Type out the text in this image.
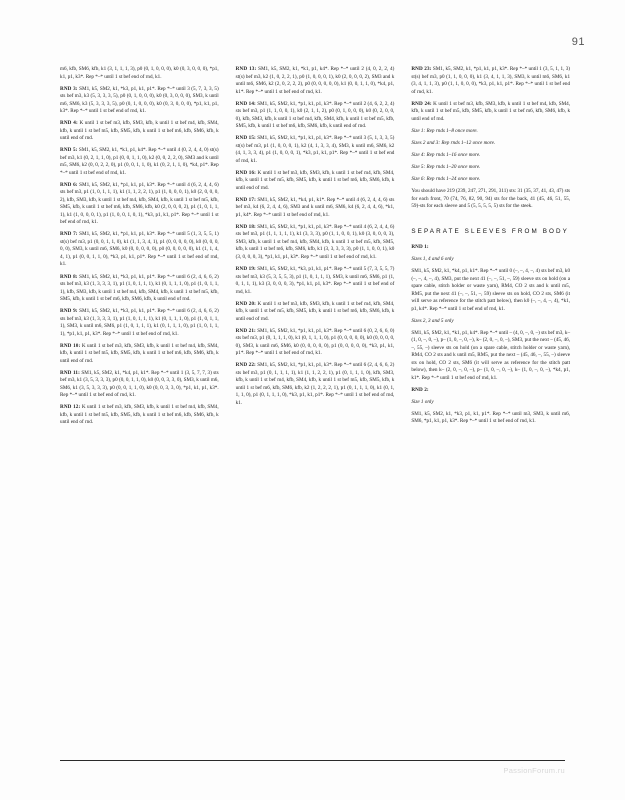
91

m6, kfb, SM6, kfb, k1 (3, 1, 1, 1, 3), p0 (0, 1, 0, 0, 0), k0 (0, 3, 0, 0, 0), *p1, k1, p1, k3*. Rep *–* until 1 st bef end of rnd, k1.

RND 3: SM1, k5, SM2, k1, *k3, p1, k1, p1*. Rep *–* until 3 (5, 7, 3, 3, 5) sts bef m3, k3 (5, 3, 3, 3, 5), p0 (0, 1, 0, 0, 0), k0 (0, 3, 0, 0, 0), SM3, k until m6, SM6, k3 (5, 3, 3, 3, 5), p0 (0, 1, 0, 0, 0), k0 (0, 3, 0, 0, 0), *p1, k1, p1, k3*. Rep *–* until 1 st bef end of rnd, k1.

RND 4: K until 1 st bef m3, kfb, SM3, kfb, k until 1 st bef m4, kfb, SM4, kfb, k until 1 st bef m5, kfb, SM5, kfb, k until 1 st bef m6, kfb, SM6, kfb, k until end of rnd.

RND 5: SM1, k5, SM2, k1, *k1, p1, k4*. Rep *–* until 4 (0, 2, 4, 4, 0) st(s) bef m3, k1 (0, 2, 1, 1, 0), p1 (0, 0, 1, 1, 0), k2 (0, 0, 2, 2, 0), SM3 and k until m5, SM6, k2 (0, 0, 2, 2, 0), p1 (0, 0, 1, 1, 0), k1 (0, 2, 1, 1, 0), *k4, p1*. Rep *–* until 1 st bef end of rnd, k1.

RND 6: SM1, k5, SM2, k1, *p1, k1, p1, k3*. Rep *–* until 4 (6, 2, 4, 4, 6) sts bef m3, p1 (1, 0, 1, 1, 1), k1 (1, 1, 2, 2, 1), p1 (1, 0, 0, 0, 1), k0 (2, 0, 0, 0, 2), kfb, SM3, kfb, k until 1 st bef m4, kfb, SM4, kfb, k until 1 st bef m5, kfb, SM5, kfb, k until 1 st bef m6, kfb, SM6, kfb, k0 (2, 0, 0, 0, 2), p1 (1, 0, 1, 1, 1), k1 (1, 0, 0, 0, 1), p1 (1, 0, 0, 1, 0, 1), *k3, p1, k1, p1*. Rep *–* until 1 st bef end of rnd, k1.

RND 7: SM1, k5, SM2, k1, *p1, k1, p1, k3*. Rep *–* until 5 (1, 3, 5, 5, 1) st(s) bef m3, p1 (0, 0, 1, 1, 0), k1 (1, 1, 3, 4, 1), p1 (0, 0, 0, 0, 0), k0 (0, 0, 0, 0, 0), SM3, k until m6, SM6, k0 (0, 0, 0, 0, 0), p0 (0, 0, 0, 0, 0), k1 (1, 1, 4, 4, 1), p1 (0, 0, 1, 1, 0), *k3, p1, k1, p1*. Rep *–* until 1 st bef end of rnd, k1.

RND 8: SM1, k5, SM2, k1, *k3, p1, k1, p1*. Rep *–* until 6 (2, 4, 6, 6, 2) sts bef m3, k3 (1, 3, 3, 3, 1), p1 (1, 0, 1, 1, 1), k1 (0, 1, 1, 1, 0), p1 (1, 0, 1, 1, 1), kfb, SM3, kfb, k until 1 st bef m4, kfb, SM4, kfb, k until 1 st bef m5, kfb, SM5, kfb, k until 1 st bef m6, kfb, SM6, kfb, k until end of rnd.

RND 9: SM1, k5, SM2, k1, *k3, p1, k1, p1*. Rep *–* until 6 (2, 4, 6, 6, 2) sts bef m3, k3 (1, 3, 3, 3, 1), p1 (1, 0, 1, 1, 1), k1 (0, 1, 1, 1, 0), p1 (1, 0, 1, 1, 1), SM3, k until m6, SM6, p1 (1, 0, 1, 1, 1), k1 (0, 1, 1, 1, 0), p1 (1, 0, 1, 1, 1), *p1, k1, p1, k3*. Rep *–* until 1 st bef end of rnd, k1.

RND 10: K until 1 st bef m3, kfb, SM3, kfb, k until 1 st bef m4, kfb, SM4, kfb, k until 1 st bef m5, kfb, SM5, kfb, k until 1 st bef m6, kfb, SM6, kfb, k until end of rnd.

RND 11: SM1, k5, SM2, k1, *k4, p1, k1*. Rep *–* until 1 (3, 5, 7, 7, 3) sts bef m3, k1 (3, 5, 3, 3, 3), p0 (0, 0, 1, 1, 0), k0 (0, 0, 3, 3, 0), SM3, k until m6, SM6, k1 (3, 5, 3, 3, 3), p0 (0, 0, 1, 1, 0), k0 (0, 0, 3, 3, 0), *p1, k1, p1, k3*. Rep *–* until 1 st bef end of rnd, k1.

RND 12: K until 1 st bef m3, kfb, SM3, kfb, k until 1 st bef m4, kfb, SM4, kfb, k until 1 st bef m5, kfb, SM5, kfb, k until 1 st bef m6, kfb, SM6, kfb, k until end of rnd.

RND 13: SM1, k5, SM2, k1, *k1, p1, k4*. Rep *–* until 2 (4, 0, 2, 2, 4) st(s) bef m3, k2 (1, 0, 2, 2, 1), p0 (1, 0, 0, 0, 1), k0 (2, 0, 0, 0, 2), SM3 and k until m6, SM6, k2 (2, 0, 2, 2, 2), p0 (0, 0, 0, 0, 0), k1 (0, 0, 1, 1, 0), *k4, p1, k1*. Rep *–* until 1 st bef end of rnd, k1.

RND 14: SM1, k5, SM2, k1, *p1, k1, p1, k3*. Rep *–* until 2 (4, 6, 2, 2, 4) sts bef m3, p1 (1, 1, 0, 0, 1), k0 (2, 1, 1, 2), p0 (0, 1, 0, 0, 0), k0 (0, 2, 0, 0, 0), kfb, SM3, kfb, k until 1 st bef m4, kfb, SM4, kfb, k until 1 st bef m5, kfb, SM5, kfb, k until 1 st bef m6, kfb, SM6, kfb, k until end of rnd.

RND 15: SM1, k5, SM2, k1, *p1, k1, p1, k3*. Rep *–* until 3 (5, 1, 3, 3, 5) st(s) bef m3, p1 (1, 0, 0, 0, 1), k2 (4, 1, 3, 3, 4), SM3, k until m6, SM6, k2 (4, 1, 3, 3, 4), p1 (1, 0, 0, 0, 1), *k3, p1, k1, p1*. Rep *–* until 1 st bef end of rnd, k1.

RND 16: K until 1 st bef m3, kfb, SM3, kfb, k until 1 st bef m4, kfb, SM4, kfb, k until 1 st bef m5, kfb, SM5, kfb, k until 1 st bef m6, kfb, SM6, kfb, k until end of rnd.

RND 17: SM1, k5, SM2, k1, *k4, p1, k1*. Rep *–* until 4 (6, 2, 4, 4, 6) sts bef m3, k4 (6, 2, 4, 4, 6), SM3 and k until m6, SM6, k4 (6, 2, 4, 4, 6), *k1, p1, k4*. Rep *–* until 1 st bef end of rnd, k1.

RND 18: SM1, k5, SM2, k1, *p1, k1, p1, k3*. Rep *–* until 4 (6, 2, 4, 4, 6) sts bef m3, p1 (1, 1, 1, 1, 1), k1 (3, 3, 3), p0 (1, 1, 0, 0, 1), k0 (3, 0, 0, 0, 3), SM3, kfb, k until 1 st bef m4, kfb, SM4, kfb, k until 1 st bef m5, kfb, SM5, kfb, k until 1 st bef m6, kfb, SM6, kfb, k1 (3, 3, 3, 3, 3), p0 (1, 1, 0, 0, 1), k0 (3, 0, 0, 0, 3), *p1, k1, p1, k3*. Rep *–* until 1 st bef end of rnd, k1.

RND 19: SM1, k5, SM2, k1, *k3, p1, k1, p1*. Rep *–* until 5 (7, 3, 5, 5, 7) sts bef m3, k3 (5, 3, 5, 5, 3), p1 (1, 0, 1, 1, 1), SM3, k until m6, SM6, p1 (1, 0, 1, 1, 1), k3 (3, 0, 0, 0, 3), *p1, k1, p1, k3*. Rep *–* until 1 st bef end of rnd, k1.

RND 20: K until 1 st bef m3, kfb, SM3, kfb, k until 1 st bef m4, kfb, SM4, kfb, k until 1 st bef m5, kfb, SM5, kfb, k until 1 st bef m6, kfb, SM6, kfb, k until end of rnd.

RND 21: SM1, k5, SM2, k1, *p1, k1, p1, k3*. Rep *–* until 6 (0, 2, 6, 6, 0) sts bef m3, p1 (0, 1, 1, 1, 0), k1 (0, 1, 1, 1, 0), p1 (0, 0, 0, 0, 0), k0 (0, 0, 0, 0, 0), SM3, k until m6, SM6, k0 (0, 0, 0, 0, 0), p1 (0, 0, 0, 0, 0), *k3, p1, k1, p1*. Rep *–* until 1 st bef end of rnd, k1.

RND 22: SM1, k5, SM2, k1, *p1, k1, p1, k3*. Rep *–* until 6 (2, 4, 6, 6, 2) sts bef m3, p1 (0, 1, 1, 1, 1), k1 (1, 1, 2, 2, 1), p1 (0, 1, 1, 1, 0), kfb, SM3, kfb, k until 1 st bef m4, kfb, SM4, kfb, k until 1 st bef m5, kfb, SM5, kfb, k until 1 st bef m6, kfb, SM6, kfb, k2 (1, 2, 2, 2, 1), p1 (0, 1, 1, 1, 0), k1 (0, 1, 1, 1, 0), p1 (0, 1, 1, 1, 0), *k3, p1, k1, p1*. Rep *–* until 1 st bef end of rnd, k1.

RND 23: SM1, k5, SM2, k1, *p1, k1, p1, k3*. Rep *–* until 1 (3, 5, 1, 1, 3) st(s) bef m3, p0 (1, 1, 0, 0, 0), k1 (3, 4, 1, 1, 3), SM3, k until m6, SM6, k1 (3, 4, 1, 1, 3), p0 (1, 1, 0, 0, 0), *k3, p1, k1, p1*. Rep *–* until 1 st bef end of rnd, k1.

RND 24: K until 1 st bef m3, kfb, SM3, kfb, k until 1 st bef m4, kfb, SM4, kfb, k until 1 st bef m5, kfb, SM5, kfb, k until 1 st bef m6, kfb, SM6, kfb, k until end of rnd.

Size 1: Rep rnds 1–8 once more.

Sizes 2 and 3: Rep rnds 1–12 once more.

Size 4: Rep rnds 1–16 once more.

Size 5: Rep rnds 1–20 once more.

Size 6: Rep rnds 1–24 once more.

You should have 219 (239, 247, 271, 291, 311) sts: 31 (35, 37, 41, 43, 47) sts for each front, 70 (74, 76, 82, 90, 94) sts for the back, 41 (45, 46, 51, 55, 59)-sts for each sleeve and 5 (5, 5, 5, 5, 5) sts for the steek.

SEPARATE SLEEVES FROM BODY

RND 1:

Sizes 1, 4 and 6 only

SM1, k5, SM2, k1, *k4, p1, k1*. Rep *–* until 0 (–, –, 4, –, 4) sts bef m3, k0 (–, –, 4, –, 4), SM3, put the next 41 (–, –, 51, –, 59) sleeve sts on hold (on a spare cable, stitch holder or waste yarn), RM4, CO 2 sts and k until m5, RM5, put the next 41 (–, –, 51, –, 59) sleeve sts on hold, CO 2 sts, SM6 (it will serve as reference for the stitch patt below), then k0 (–, –, 4, –, 4), *k1, p1, k4*. Rep *–* until 1 st bef end of rnd, k1.

Sizes 2, 3 and 5 only

SM1, k5, SM2, k1, *k1, p1, k4*. Rep *–* until – (4, 0, –, 0, –) sts bef m3, k– (1, 0, –, 0, –), p– (1, 0, –, 0, –), k– (2, 0, –, 0, –), SM3, put the next – (45, 46, –, 55, –) sleeve sts on hold (on a spare cable, stitch holder or waste yarn), RM4, CO 2 sts and k until m5, RM5, put the next – (45, 46, –, 55, –) sleeve sts on hold, CO 2 sts, SM6 (it will serve as reference for the stitch patt below), then k– (2, 0, –, 0, –), p– (1, 0, –, 0, –), k– (1, 0, –, 0, –), *k4, p1, k1*. Rep *–* until 1 st bef end of rnd, k1.

RND 2:

Size 1 only

SM1, k5, SM2, k1, *k3, p1, k1, p1*. Rep *–* until m3, SM3, k until m6, SM6, *p1, k1, p1, k3*. Rep *–* until 1 st bef end of rnd, k1.

PassionForum.ru
